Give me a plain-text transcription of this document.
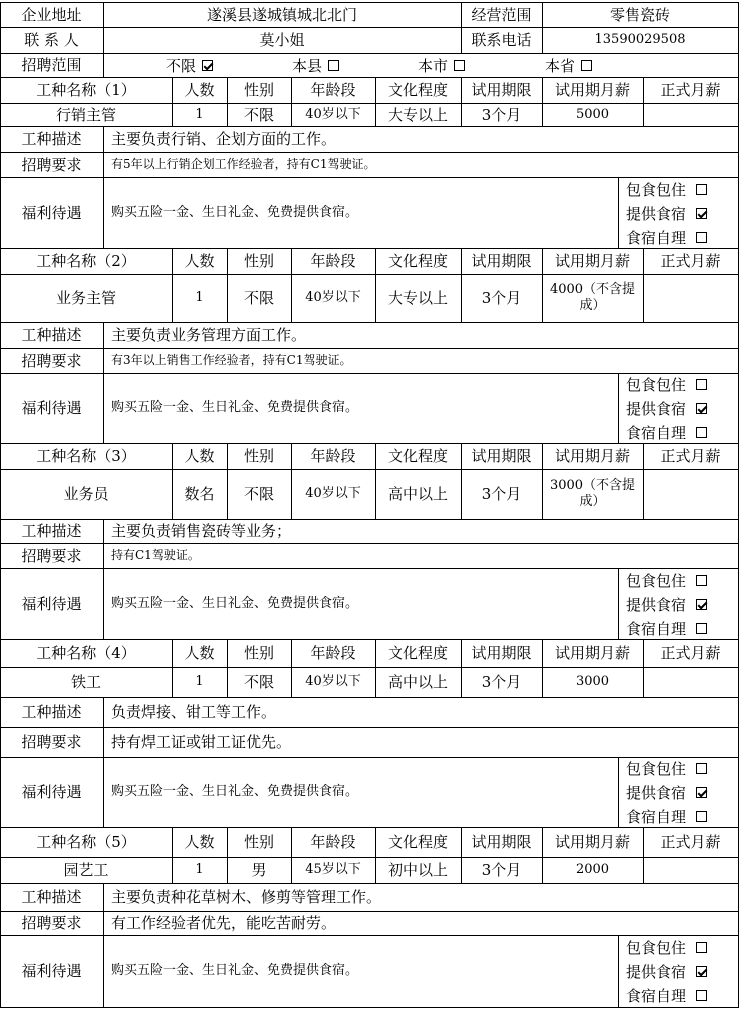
企业地址	遂溪县遂城镇城北北门	经营范围	零售瓷砖
联 系 人	莫小姐	联系电话	13590029508
招聘范围	不限	本县	本市	本省
工种名称（1）	人数	性别	年龄段	文化程度	试用期限	试用期月薪	正式月薪
行销主管	1	不限	40岁以下	大专以上	3个月	5000
工种描述	主要负责行销、企划方面的工作。
招聘要求	有5年以上行销企划工作经验者，持有C1驾驶证。
福利待遇	购买五险一金、生日礼金、免费提供食宿。
包食包住
提供食宿
食宿自理
工种名称（2）	人数	性别	年龄段	文化程度	试用期限	试用期月薪	正式月薪
业务主管	1	不限	40岁以下	大专以上	3个月	4000（不含提成）
工种描述	主要负责业务管理方面工作。
招聘要求	有3年以上销售工作经验者，持有C1驾驶证。
福利待遇	购买五险一金、生日礼金、免费提供食宿。
包食包住
提供食宿
食宿自理
工种名称（3）	人数	性别	年龄段	文化程度	试用期限	试用期月薪	正式月薪
业务员	数名	不限	40岁以下	高中以上	3个月	3000（不含提成）
工种描述	主要负责销售瓷砖等业务；
招聘要求	持有C1驾驶证。
福利待遇	购买五险一金、生日礼金、免费提供食宿。
包食包住
提供食宿
食宿自理
工种名称（4）	人数	性别	年龄段	文化程度	试用期限	试用期月薪	正式月薪
铁工	1	不限	40岁以下	高中以上	3个月	3000
工种描述	负责焊接、钳工等工作。
招聘要求	持有焊工证或钳工证优先。
福利待遇	购买五险一金、生日礼金、免费提供食宿。
包食包住
提供食宿
食宿自理
工种名称（5）	人数	性别	年龄段	文化程度	试用期限	试用期月薪	正式月薪
园艺工	1	男	45岁以下	初中以上	3个月	2000
工种描述	主要负责种花草树木、修剪等管理工作。
招聘要求	有工作经验者优先，能吃苦耐劳。
福利待遇	购买五险一金、生日礼金、免费提供食宿。
包食包住
提供食宿
食宿自理
